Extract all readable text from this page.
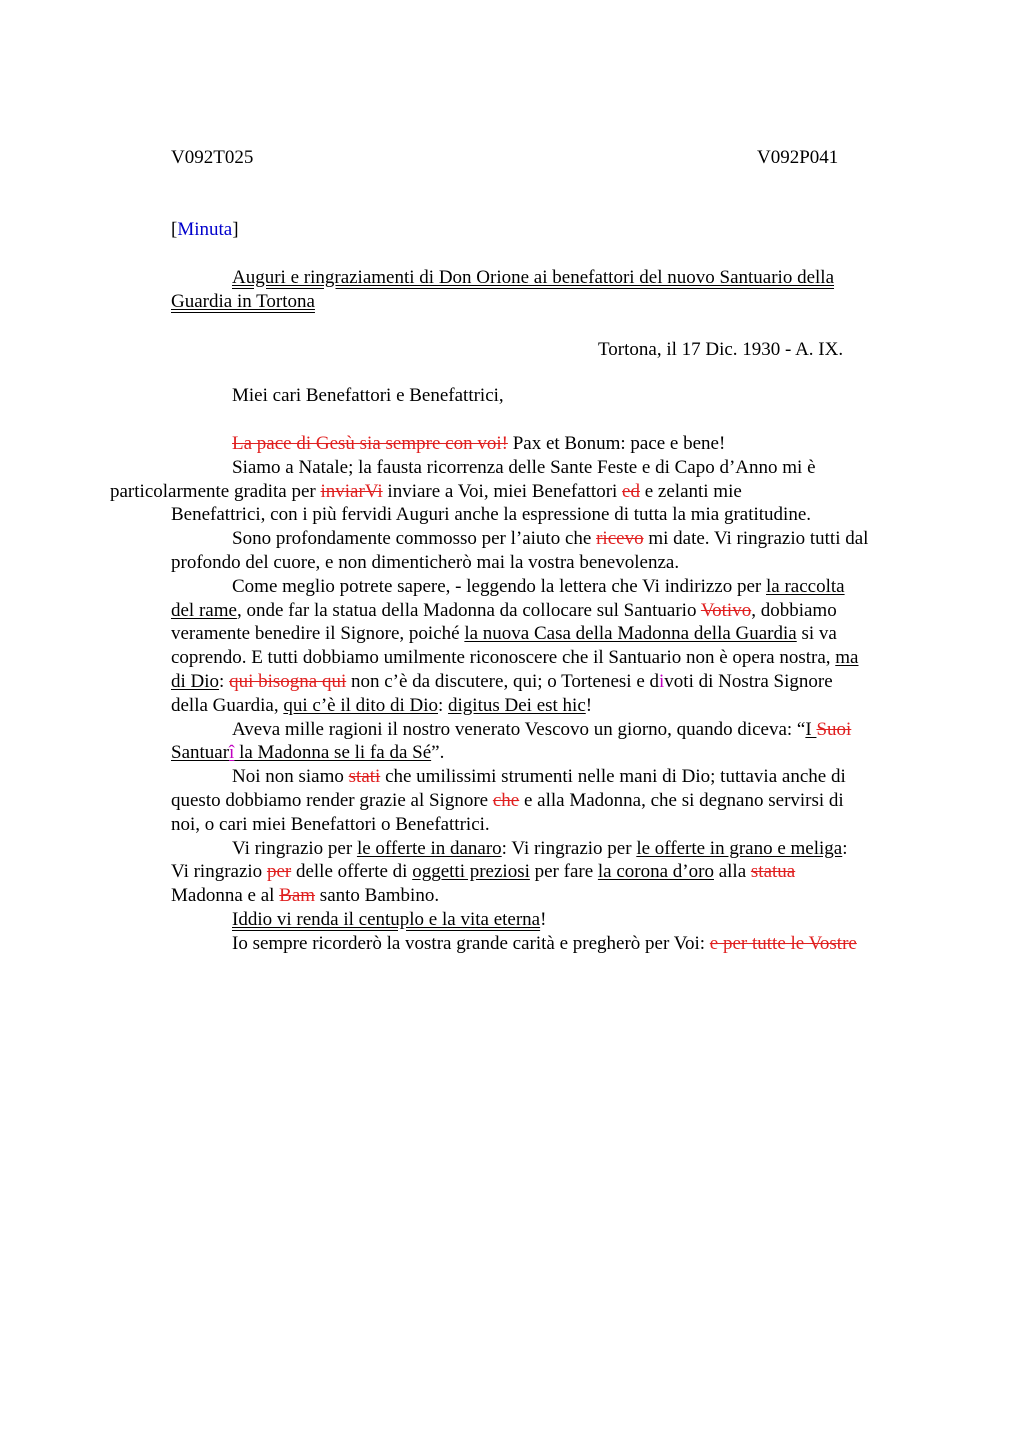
V092T025	V092P041
[Minuta]
Auguri e ringraziamenti di Don Orione ai benefattori del nuovo Santuario della
Guardia in Tortona
Tortona, il 17 Dic. 1930 - A. IX.
Miei cari Benefattori e Benefattrici,

La pace di Gesù sia sempre con voi! Pax et Bonum: pace e bene!

Siamo a Natale; la fausta ricorrenza delle Sante Feste e di Capo d’Anno mi è
particolarmente gradita per inviarVi inviare a Voi, miei Benefattori ed e zelanti mie
Benefattrici, con i più fervidi Auguri anche la espressione di tutta la mia gratitudine.

Sono profondamente commosso per l’aiuto che ricevo mi date. Vi ringrazio tutti dal
profondo del cuore, e non dimenticherò mai la vostra benevolenza.

Come meglio potrete sapere, - leggendo la lettera che Vi indirizzo per la raccolta
del rame, onde far la statua della Madonna da collocare sul Santuario Votivo, dobbiamo
veramente benedire il Signore, poiché la nuova Casa della Madonna della Guardia si va
coprendo. E tutti dobbiamo umilmente riconoscere che il Santuario non è opera nostra, ma
di Dio: qui bisogna qui non c’è da discutere, qui; o Tortenesi e divoti di Nostra Signore
della Guardia, qui c’è il dito di Dio: digitus Dei est hic!

Aveva mille ragioni il nostro venerato Vescovo un giorno, quando diceva: “I Suoi
Santuarî la Madonna se li fa da Sé”.

Noi non siamo stati che umilissimi strumenti nelle mani di Dio; tuttavia anche di
questo dobbiamo render grazie al Signore che e alla Madonna, che si degnano servirsi di
noi, o cari miei Benefattori o Benefattrici.

Vi ringrazio per le offerte in danaro: Vi ringrazio per le offerte in grano e meliga:
Vi ringrazio per delle offerte di oggetti preziosi per fare la corona d’oro alla statua
Madonna e al Bam santo Bambino.

Iddio vi renda il centuplo e la vita eterna!

Io sempre ricorderò la vostra grande carità e pregherò per Voi: e per tutte le Vostre
